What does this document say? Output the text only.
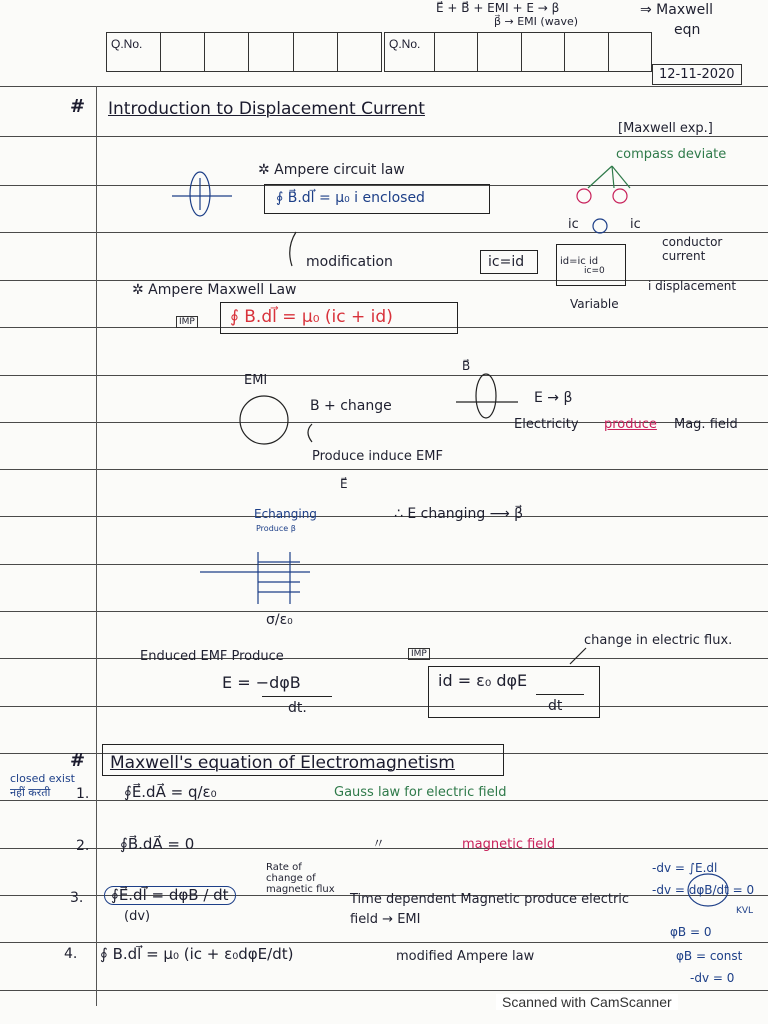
E⃗ + B⃗ + EMI + E → β
β⃗ → EMI (wave)
⇒ Maxwell
eqn
Q.No.	Q.No.
12-11-2020
# Introduction to Displacement Current
[Maxwell exp.]
compass deviate
✲ Ampere circuit law
∮ B⃗.dl⃗ = μ₀ i enclosed
modification	ic=id
ic	ic
conductor current
id=ic id
ic=0
i displacement
Variable
✲ Ampere Maxwell Law
IMP ∮ B.dl⃗ = μ₀ (ic + id)
EMI
B + change
B⃗
E → β
Electricity produce Mag. field
Produce induce EMF
E⃗
∴ E changing ⟶ β⃗
Echanging
Produce β
σ/ε₀
Enduced EMF Produce
E = −dφB
dt.
IMP
change in electric flux.
id = ε₀ dφE
dt
# Maxwell's equation of Electromagnetism
closed exist नहीं करती	1. ∮E⃗.dA⃗ = q/ε₀	Gauss law for electric field
2. ∮B⃗.dA⃗ = 0	〃	magnetic field
3.	∮E⃗.dl⃗ = dφB / dt
(dv)
Rate of change of magnetic flux
Time dependent Magnetic produce electric field → EMI
4. ∮ B.dl⃗ = μ₀ (ic + ε₀dφE/dt)	modified Ampere law
-dv = ∫E.dl
-dv = dφB/dt = 0
KVL
φB = 0
φB = const
-dv = 0
Scanned with CamScanner
